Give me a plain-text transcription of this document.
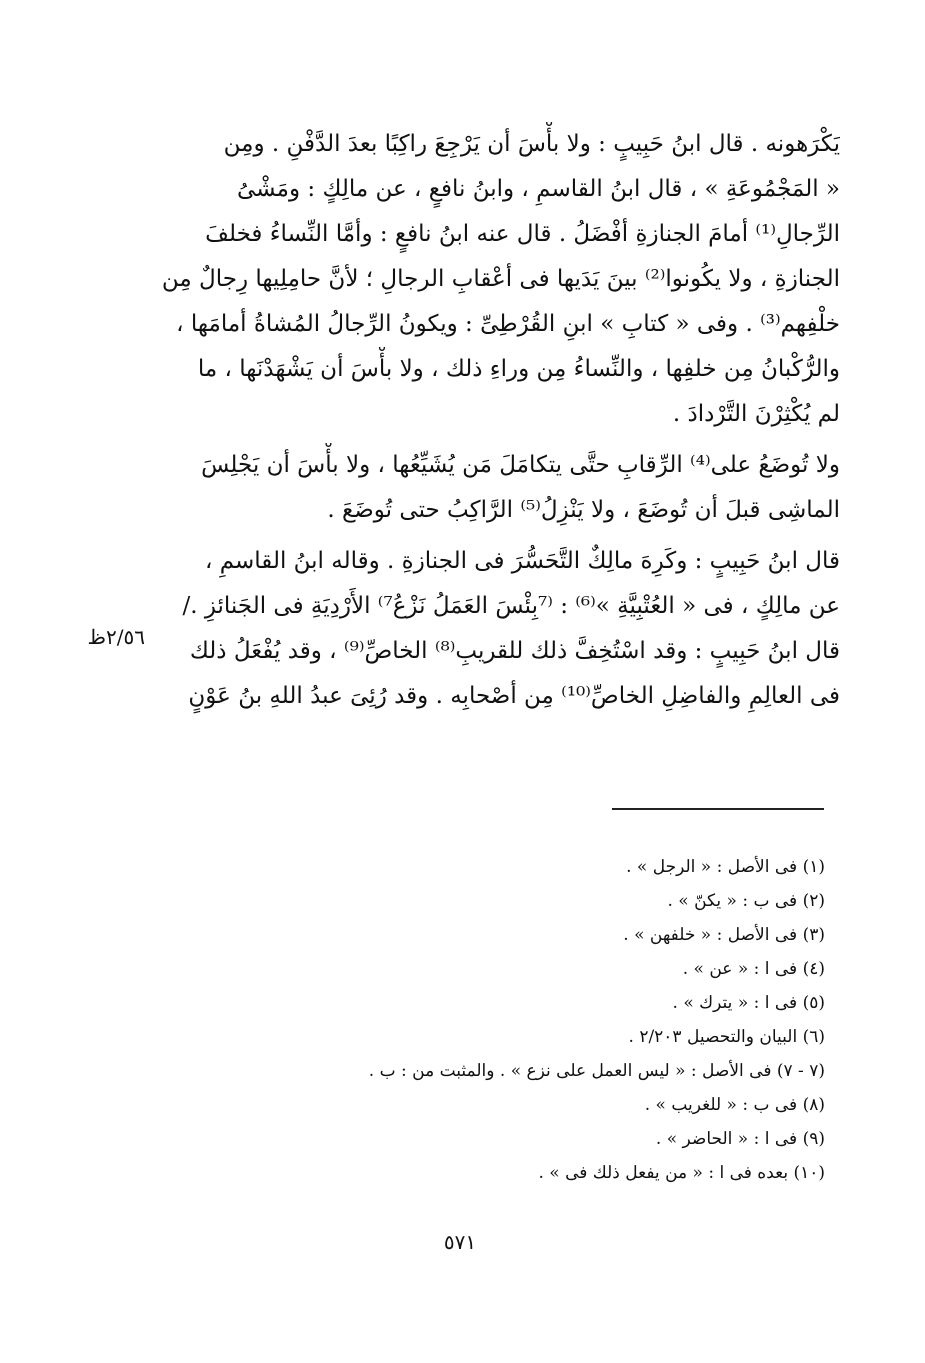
يَكْرَهونه . قال ابنُ حَبِيبٍ : ولا بأْسَ أن يَرْجِعَ راكِبًا بعدَ الدَّفْنِ . ومِن
« المَجْمُوعَةِ » ، قال ابنُ القاسمِ ، وابنُ نافعٍ ، عن مالِكٍ : ومَشْىُ
الرِّجالِ⁽¹⁾ أمامَ الجنازةِ أفْضَلُ . قال عنه ابنُ نافعٍ : وأمَّا النِّساءُ فخلفَ
الجنازةِ ، ولا يكُونوا⁽²⁾ بينَ يَدَيها فى أعْقابِ الرجالِ ؛ لأنَّ حامِلِيها رِجالٌ مِن
خلْفِهم⁽³⁾ . وفى « كتابِ » ابنِ القُرْطِىِّ : ويكونُ الرِّجالُ المُشاةُ أمامَها ،
والرُّكْبانُ مِن خلفِها ، والنِّساءُ مِن وراءِ ذلك ، ولا بأْسَ أن يَشْهَدْنَها ، ما
لم يُكْثِرْنَ التَّرْدادَ .

ولا تُوضَعُ على⁽⁴⁾ الرِّقابِ حتَّى يتكامَلَ مَن يُشَيِّعُها ، ولا بأْسَ أن يَجْلِسَ
الماشِى قبلَ أن تُوضَعَ ، ولا يَنْزِلُ⁽⁵⁾ الرَّاكِبُ حتى تُوضَعَ .

قال ابنُ حَبِيبٍ : وكَرِهَ مالِكٌ التَّحَسُّرَ فى الجنازةِ . وقاله ابنُ القاسمِ ،
عن مالِكٍ ، فى « العُتْبِيَّةِ »⁽⁶⁾ : ⁽⁷بِئْسَ العَمَلُ نَزْعُ⁷⁾ الأَرْدِيَةِ فى الجَنائزِ ./
قال ابنُ حَبِيبٍ : وقد اسْتُخِفَّ ذلك للقريبِ⁽⁸⁾ الخاصِّ⁽⁹⁾ ، وقد يُفْعَلُ ذلك
فى العالِمِ والفاضِلِ الخاصِّ⁽¹⁰⁾ مِن أصْحابِه . وقد رُئِىَ عبدُ اللهِ بنُ عَوْنٍ

٢/٥٦ظ
(١) فى الأصل : « الرجل » .
(٢) فى ب : « يكنّ » .
(٣) فى الأصل : « خلفهن » .
(٤) فى ا : « عن » .
(٥) فى ا : « يترك » .
(٦) البيان والتحصيل ٢/٢٠٣ .
(٧ - ٧) فى الأصل : « ليس العمل على نزع » . والمثبت من : ب .
(٨) فى ب : « للغريب » .
(٩) فى ا : « الحاضر » .
(١٠) بعده فى ا : « من يفعل ذلك فى » .
٥٧١
